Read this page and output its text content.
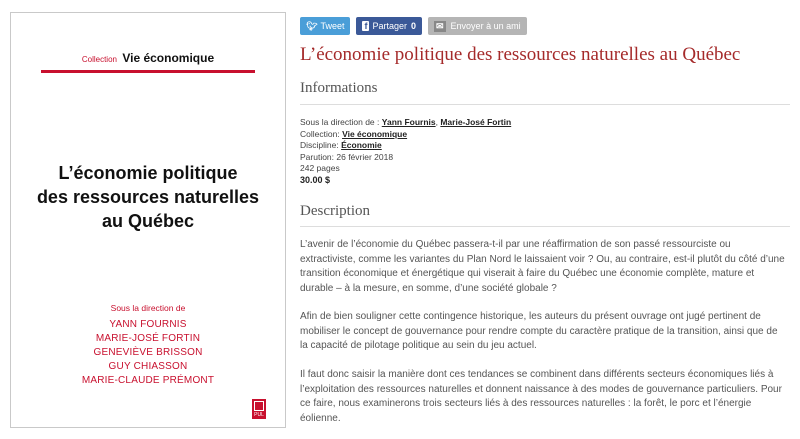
Collection Vie économique
L’économie politique
des ressources naturelles
au Québec
Sous la direction de
YANN FOURNIS
MARIE-JOSÉ FORTIN
GENEVIÈVE BRISSON
GUY CHIASSON
MARIE-CLAUDE PRÉMONT
PUL
🐦︎ Tweet f Partager 0 ✉ Envoyer à un ami
L’économie politique des ressources naturelles au Québec
Informations
Sous la direction de : Yann Fournis, Marie-José Fortin
Collection: Vie économique
Discipline: Économie
Parution: 26 février 2018
242 pages
30.00 $
Description

L’avenir de l’économie du Québec passera-t-il par une réaffirmation de son passé ressourciste ou extractiviste, comme les variantes du Plan Nord le laissaient voir ? Ou, au contraire, est-il plutôt du côté d’une transition économique et énergétique qui viserait à faire du Québec une économie complète, mature et durable – à la mesure, en somme, d’une société globale ?

Afin de bien souligner cette contingence historique, les auteurs du présent ouvrage ont jugé pertinent de mobiliser le concept de gouvernance pour rendre compte du caractère pratique de la transition, ainsi que de la capacité de pilotage politique au sein du jeu actuel.

Il faut donc saisir la manière dont ces tendances se combinent dans différents secteurs économiques liés à l’exploitation des ressources naturelles et donnent naissance à des modes de gouvernance particuliers. Pour ce faire, nous examinerons trois secteurs liés à des ressources naturelles : la forêt, le porc et l’énergie éolienne.
